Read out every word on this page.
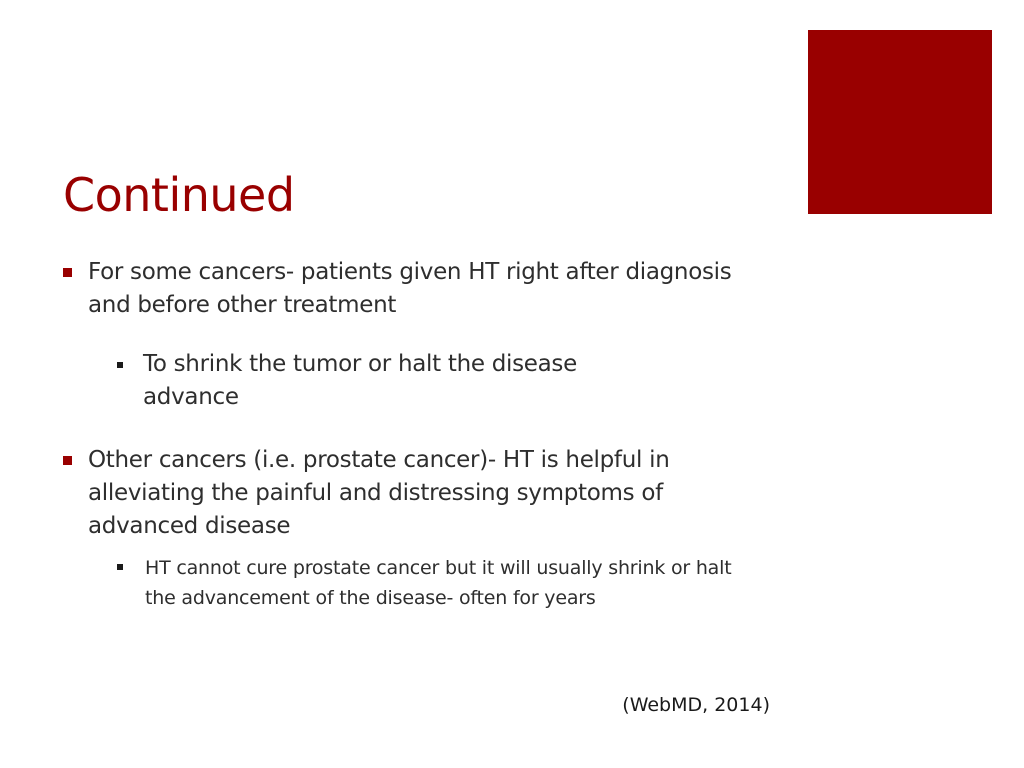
Continued
For some cancers- patients given HT right after diagnosis and before other treatment
To shrink the tumor or halt the disease advance
Other cancers (i.e. prostate cancer)- HT is helpful in alleviating the painful and distressing symptoms of advanced disease
HT cannot cure prostate cancer but it will usually shrink or halt the advancement of the disease- often for years
(WebMD, 2014)
